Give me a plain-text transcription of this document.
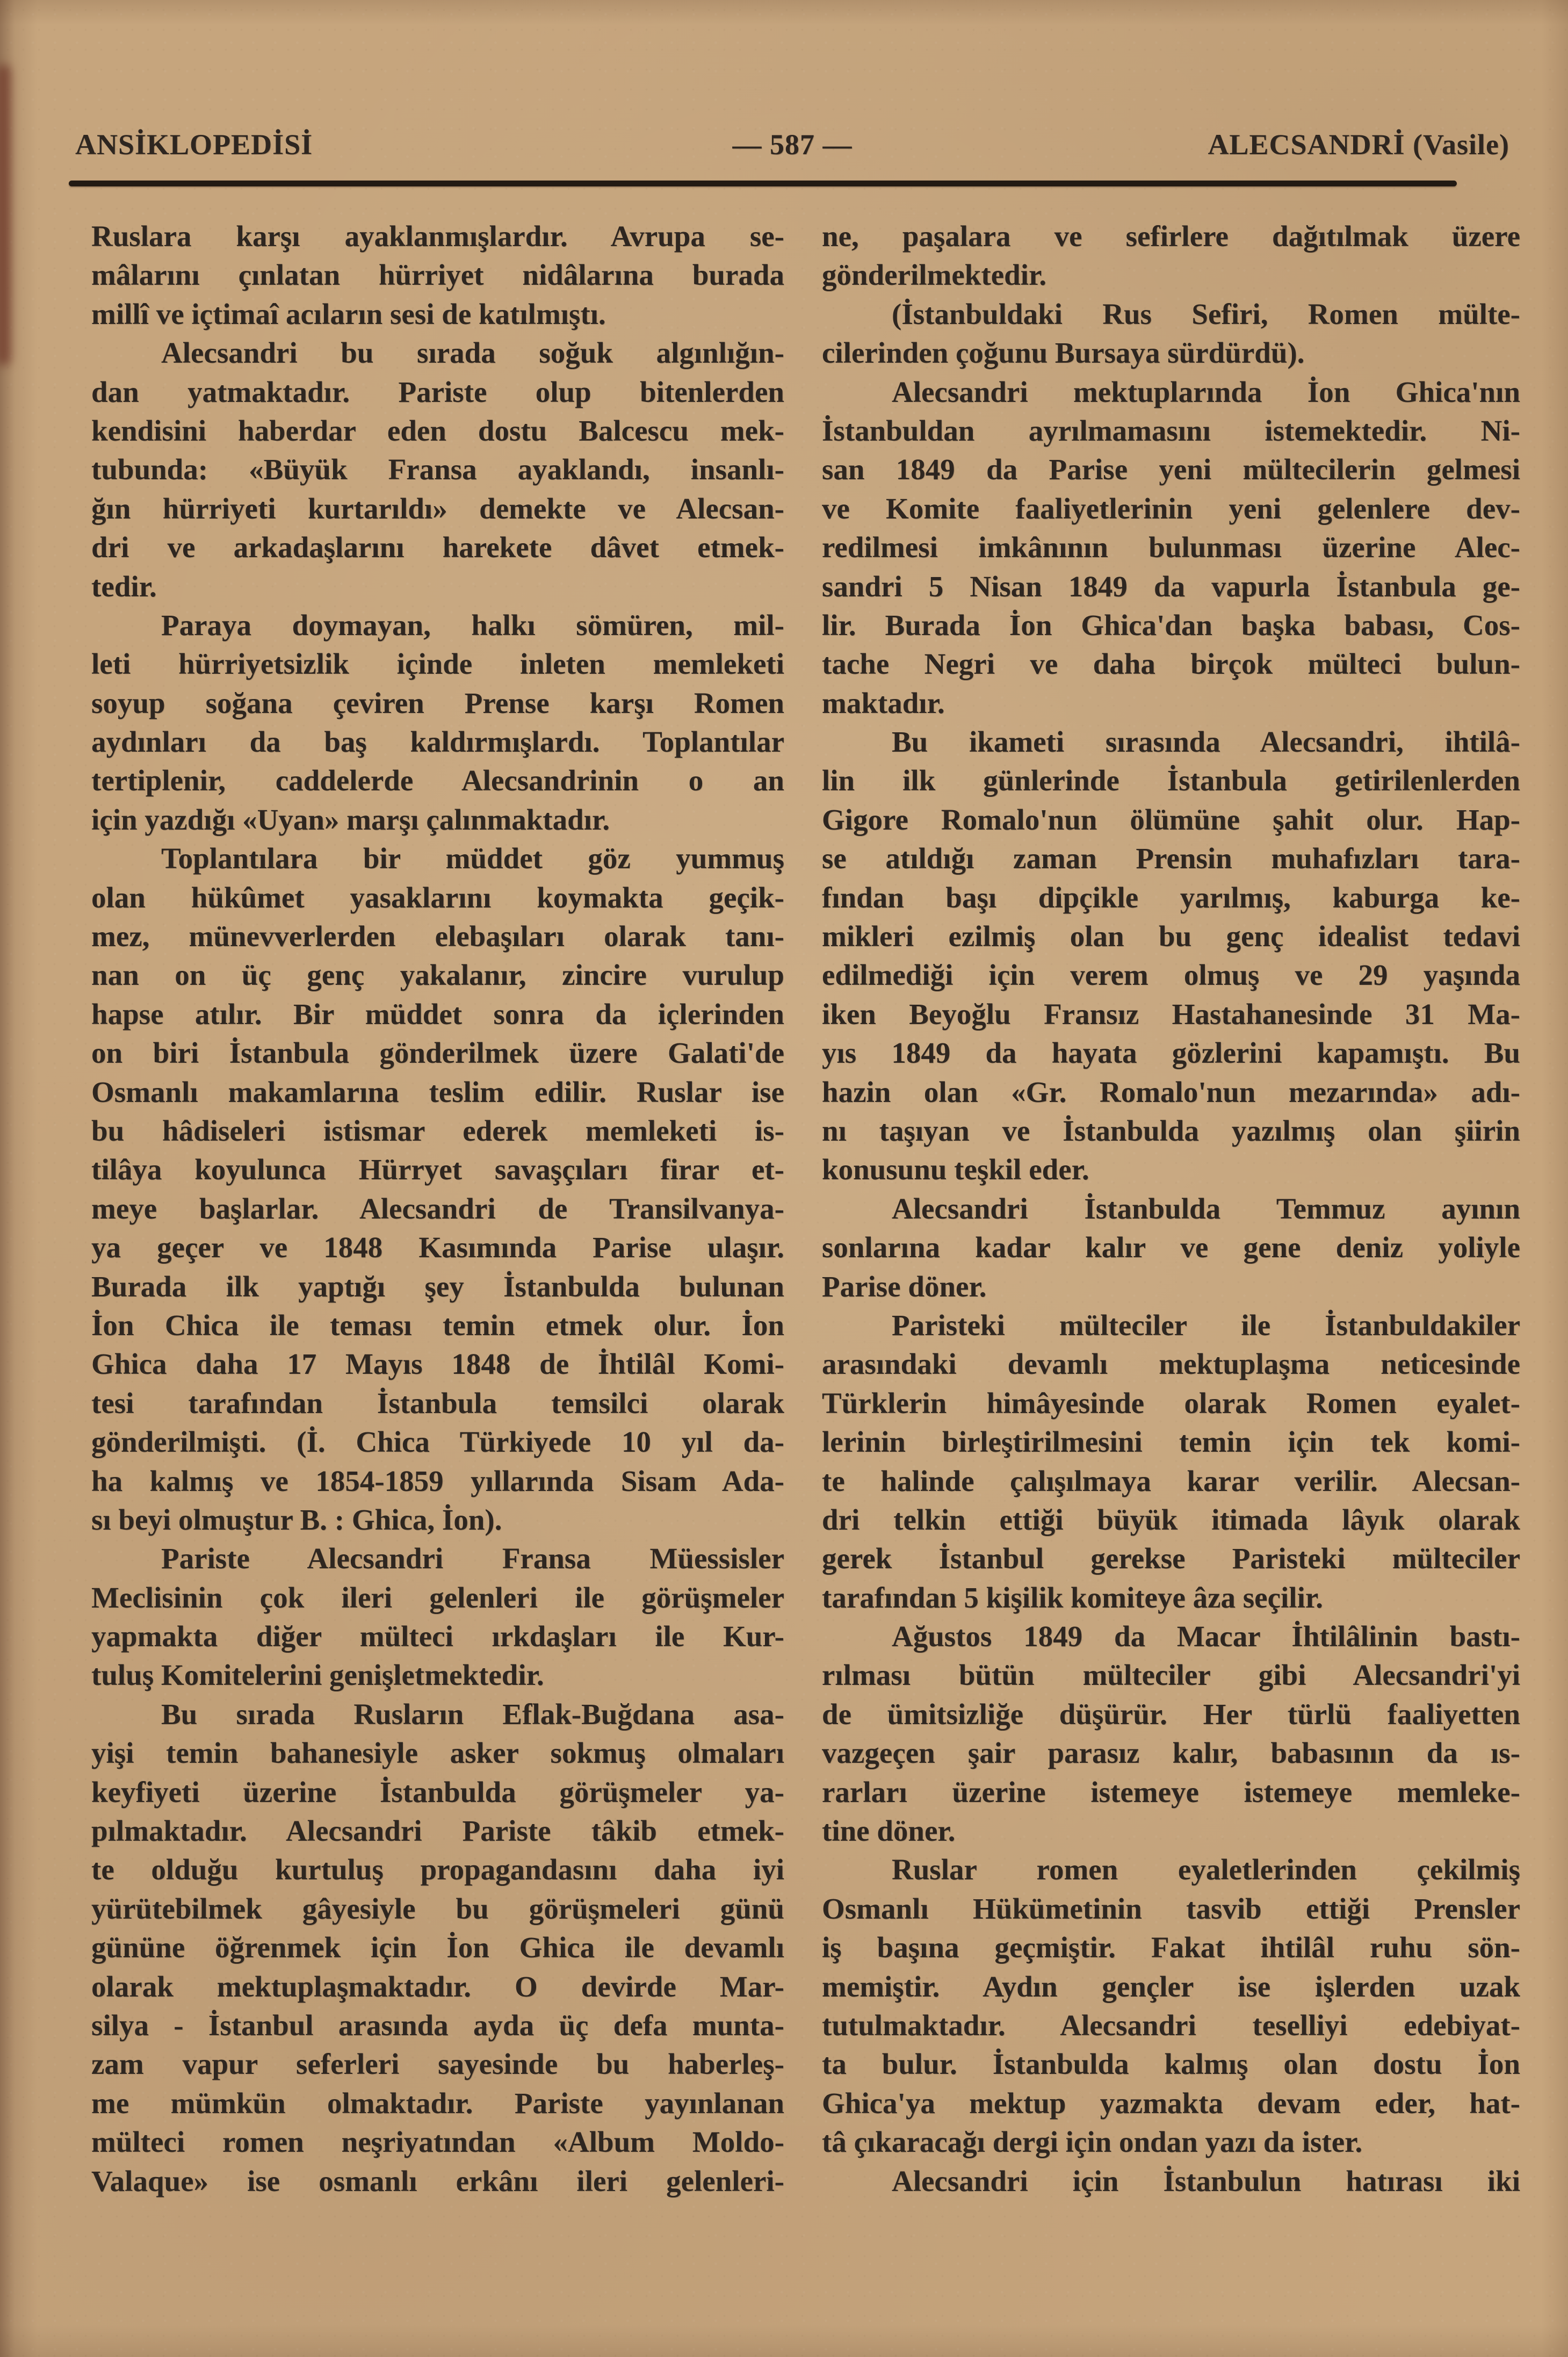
ANSİKLOPEDİSİ	— 587 —	ALECSANDRİ (Vasile)

Ruslara karşı ayaklanmışlardır. Avrupa se-
mâlarını çınlatan hürriyet nidâlarına burada
millî ve içtimaî acıların sesi de katılmıştı.

Alecsandri bu sırada soğuk algınlığın-
dan yatmaktadır. Pariste olup bitenlerden
kendisini haberdar eden dostu Balcescu mek-
tubunda: «Büyük Fransa ayaklandı, insanlı-
ğın hürriyeti kurtarıldı» demekte ve Alecsan-
dri ve arkadaşlarını harekete dâvet etmek-
tedir.

Paraya doymayan, halkı sömüren, mil-
leti hürriyetsizlik içinde inleten memleketi
soyup soğana çeviren Prense karşı Romen
aydınları da baş kaldırmışlardı. Toplantılar
tertiplenir, caddelerde Alecsandrinin o an
için yazdığı «Uyan» marşı çalınmaktadır.

Toplantılara bir müddet göz yummuş
olan hükûmet yasaklarını koymakta geçik-
mez, münevverlerden elebaşıları olarak tanı-
nan on üç genç yakalanır, zincire vurulup
hapse atılır. Bir müddet sonra da içlerinden
on biri İstanbula gönderilmek üzere Galati'de
Osmanlı makamlarına teslim edilir. Ruslar ise
bu hâdiseleri istismar ederek memleketi is-
tilâya koyulunca Hürryet savaşçıları firar et-
meye başlarlar. Alecsandri de Transilvanya-
ya geçer ve 1848 Kasımında Parise ulaşır.
Burada ilk yaptığı şey İstanbulda bulunan
İon Chica ile teması temin etmek olur. İon
Ghica daha 17 Mayıs 1848 de İhtilâl Komi-
tesi tarafından İstanbula temsilci olarak
gönderilmişti. (İ. Chica Türkiyede 10 yıl da-
ha kalmış ve 1854-1859 yıllarında Sisam Ada-
sı beyi olmuştur B. : Ghica, İon).

Pariste Alecsandri Fransa Müessisler
Meclisinin çok ileri gelenleri ile görüşmeler
yapmakta diğer mülteci ırkdaşları ile Kur-
tuluş Komitelerini genişletmektedir.

Bu sırada Rusların Eflak-Buğdana asa-
yişi temin bahanesiyle asker sokmuş olmaları
keyfiyeti üzerine İstanbulda görüşmeler ya-
pılmaktadır. Alecsandri Pariste tâkib etmek-
te olduğu kurtuluş propagandasını daha iyi
yürütebilmek gâyesiyle bu görüşmeleri günü
gününe öğrenmek için İon Ghica ile devamlı
olarak mektuplaşmaktadır. O devirde Mar-
silya - İstanbul arasında ayda üç defa munta-
zam vapur seferleri sayesinde bu haberleş-
me mümkün olmaktadır. Pariste yayınlanan
mülteci romen neşriyatından «Album Moldo-
Valaque» ise osmanlı erkânı ileri gelenleri-

ne, paşalara ve sefirlere dağıtılmak üzere
gönderilmektedir.

(İstanbuldaki Rus Sefiri, Romen mülte-
cilerinden çoğunu Bursaya sürdürdü).

Alecsandri mektuplarında İon Ghica'nın
İstanbuldan ayrılmamasını istemektedir. Ni-
san 1849 da Parise yeni mültecilerin gelmesi
ve Komite faaliyetlerinin yeni gelenlere dev-
redilmesi imkânının bulunması üzerine Alec-
sandri 5 Nisan 1849 da vapurla İstanbula ge-
lir. Burada İon Ghica'dan başka babası, Cos-
tache Negri ve daha birçok mülteci bulun-
maktadır.

Bu ikameti sırasında Alecsandri, ihtilâ-
lin ilk günlerinde İstanbula getirilenlerden
Gigore Romalo'nun ölümüne şahit olur. Hap-
se atıldığı zaman Prensin muhafızları tara-
fından başı dipçikle yarılmış, kaburga ke-
mikleri ezilmiş olan bu genç idealist tedavi
edilmediği için verem olmuş ve 29 yaşında
iken Beyoğlu Fransız Hastahanesinde 31 Ma-
yıs 1849 da hayata gözlerini kapamıştı. Bu
hazin olan «Gr. Romalo'nun mezarında» adı-
nı taşıyan ve İstanbulda yazılmış olan şiirin
konusunu teşkil eder.

Alecsandri İstanbulda Temmuz ayının
sonlarına kadar kalır ve gene deniz yoliyle
Parise döner.

Paristeki mülteciler ile İstanbuldakiler
arasındaki devamlı mektuplaşma neticesinde
Türklerin himâyesinde olarak Romen eyalet-
lerinin birleştirilmesini temin için tek komi-
te halinde çalışılmaya karar verilir. Alecsan-
dri telkin ettiği büyük itimada lâyık olarak
gerek İstanbul gerekse Paristeki mülteciler
tarafından 5 kişilik komiteye âza seçilir.

Ağustos 1849 da Macar İhtilâlinin bastı-
rılması bütün mülteciler gibi Alecsandri'yi
de ümitsizliğe düşürür. Her türlü faaliyetten
vazgeçen şair parasız kalır, babasının da ıs-
rarları üzerine istemeye istemeye memleke-
tine döner.

Ruslar romen eyaletlerinden çekilmiş
Osmanlı Hükümetinin tasvib ettiği Prensler
iş başına geçmiştir. Fakat ihtilâl ruhu sön-
memiştir. Aydın gençler ise işlerden uzak
tutulmaktadır. Alecsandri teselliyi edebiyat-
ta bulur. İstanbulda kalmış olan dostu İon
Ghica'ya mektup yazmakta devam eder, hat-
tâ çıkaracağı dergi için ondan yazı da ister.

Alecsandri için İstanbulun hatırası iki
